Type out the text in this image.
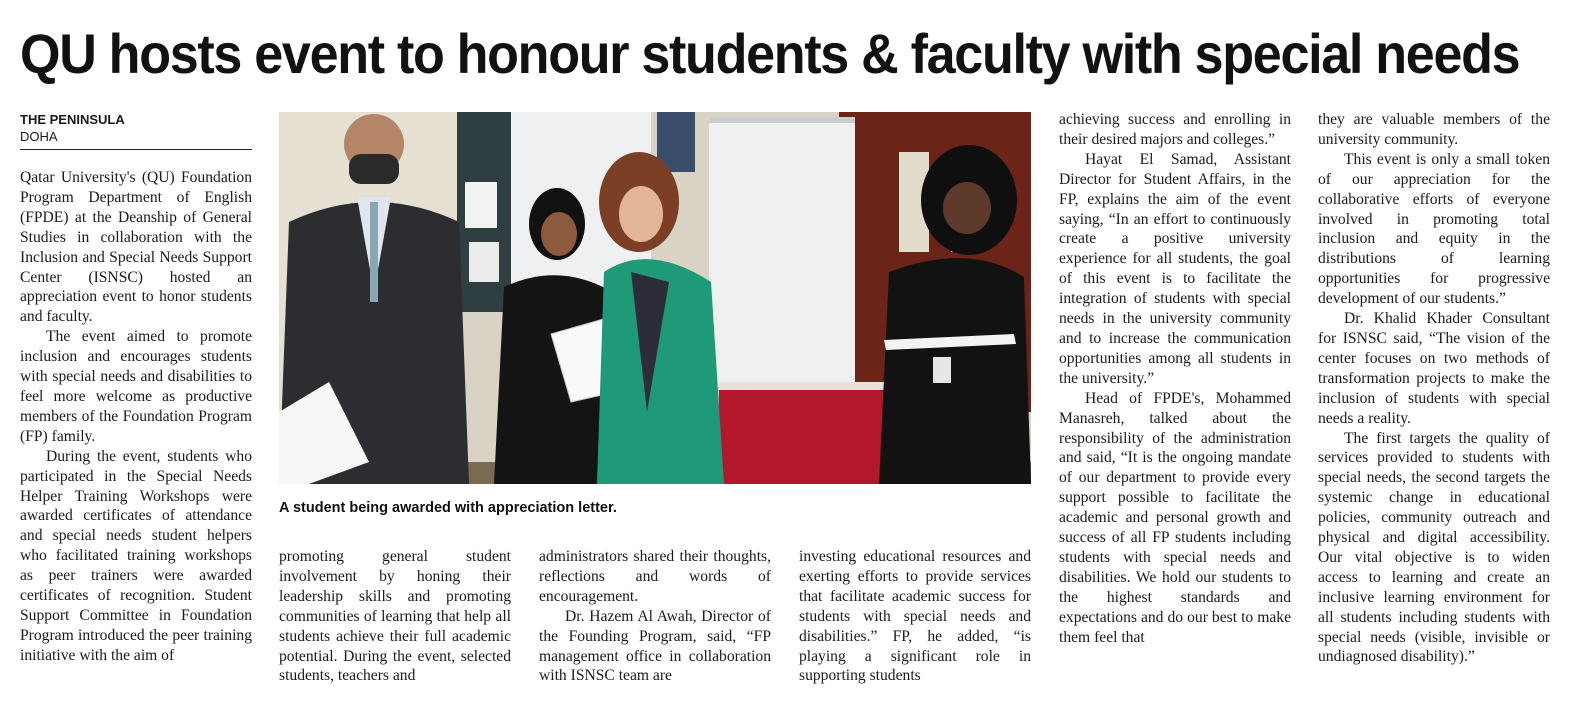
QU hosts event to honour students & faculty with special needs
THE PENINSULA
DOHA

Qatar University's (QU) Foundation Program Department of English (FPDE) at the Deanship of General Studies in collaboration with the Inclusion and Special Needs Support Center (ISNSC) hosted an appreciation event to honor students and faculty.

The event aimed to promote inclusion and encourages students with special needs and disabilities to feel more welcome as productive members of the Foundation Program (FP) family.

During the event, students who participated in the Special Needs Helper Training Workshops were awarded certificates of attendance and special needs student helpers who facilitated training workshops as peer trainers were awarded certificates of recognition. Student Support Committee in Foundation Program introduced the peer training initiative with the aim of

A student being awarded with appreciation letter.

promoting general student involvement by honing their leadership skills and promoting communities of learning that help all students achieve their full academic potential. During the event, selected students, teachers and

administrators shared their thoughts, reflections and words of encouragement.

Dr. Hazem Al Awah, Director of the Founding Program, said, “FP management office in collaboration with ISNSC team are

investing educational resources and exerting efforts to provide services that facilitate academic success for students with special needs and disabilities.” FP, he added, “is playing a significant role in supporting students

achieving success and enrolling in their desired majors and colleges.”

Hayat El Samad, Assistant Director for Student Affairs, in the FP, explains the aim of the event saying, “In an effort to continuously create a positive university experience for all students, the goal of this event is to facilitate the integration of students with special needs in the university community and to increase the communication opportunities among all students in the university.”

Head of FPDE's, Mohammed Manasreh, talked about the responsibility of the administration and said, “It is the ongoing mandate of our department to provide every support possible to facilitate the academic and personal growth and success of all FP students including students with special needs and disabilities. We hold our students to the highest standards and expectations and do our best to make them feel that

they are valuable members of the university community.

This event is only a small token of our appreciation for the collaborative efforts of everyone involved in promoting total inclusion and equity in the distributions of learning opportunities for progressive development of our students.”

Dr. Khalid Khader Consultant for ISNSC said, “The vision of the center focuses on two methods of transformation projects to make the inclusion of students with special needs a reality.

The first targets the quality of services provided to students with special needs, the second targets the systemic change in educational policies, community outreach and physical and digital accessibility. Our vital objective is to widen access to learning and create an inclusive learning environment for all students including students with special needs (visible, invisible or undiagnosed disability).”
